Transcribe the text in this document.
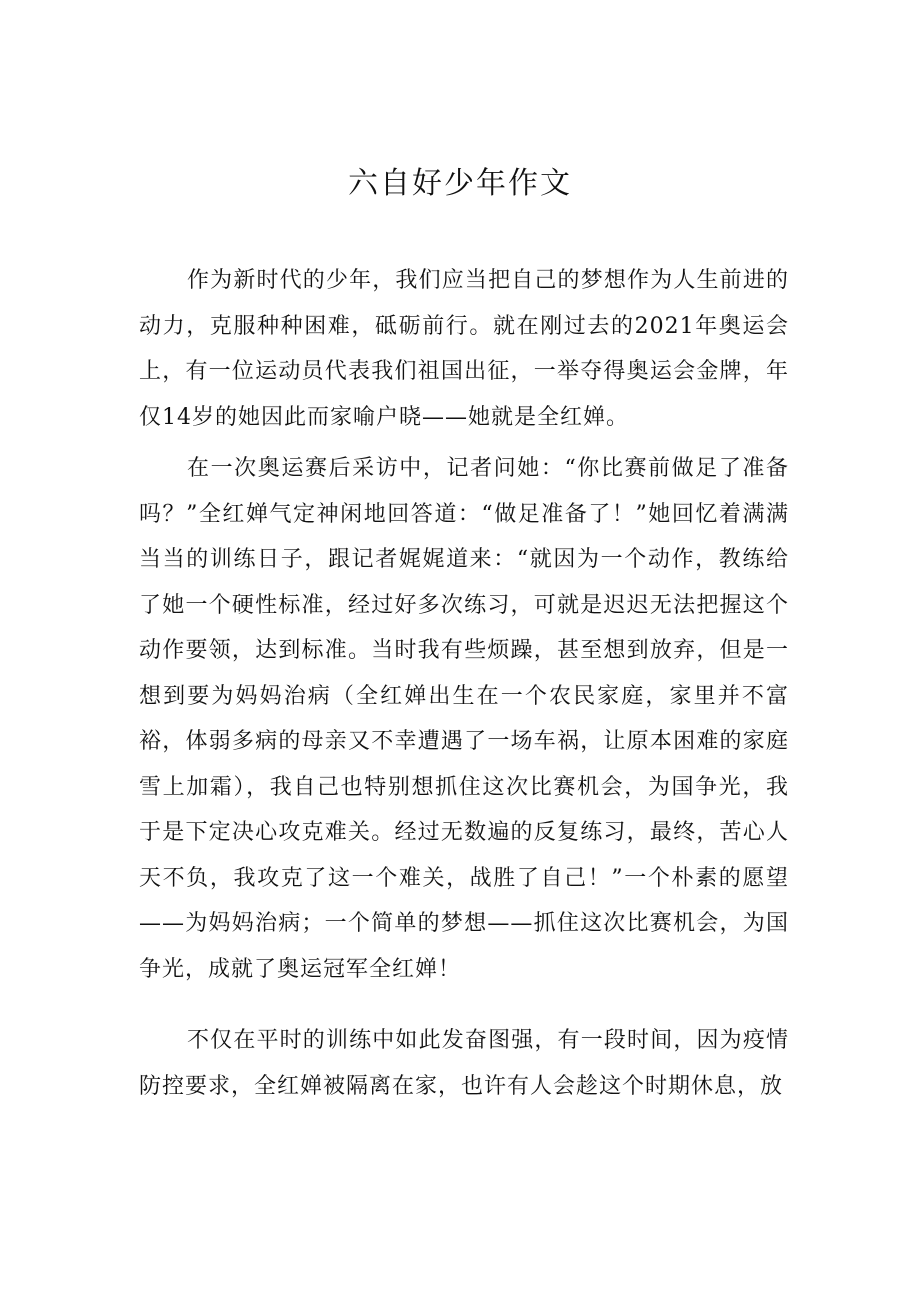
六自好少年作文

作为新时代的少年，我们应当把自己的梦想作为人生前进的动力，克服种种困难，砥砺前行。就在刚过去的2021年奥运会上，有一位运动员代表我们祖国出征，一举夺得奥运会金牌，年仅14岁的她因此而家喻户晓——她就是全红婵。

在一次奥运赛后采访中，记者问她：“你比赛前做足了准备吗？”全红婵气定神闲地回答道：“做足准备了！”她回忆着满满当当的训练日子，跟记者娓娓道来：“就因为一个动作，教练给了她一个硬性标准，经过好多次练习，可就是迟迟无法把握这个动作要领，达到标准。当时我有些烦躁，甚至想到放弃，但是一想到要为妈妈治病（全红婵出生在一个农民家庭，家里并不富裕，体弱多病的母亲又不幸遭遇了一场车祸，让原本困难的家庭雪上加霜），我自己也特别想抓住这次比赛机会，为国争光，我于是下定决心攻克难关。经过无数遍的反复练习，最终，苦心人天不负，我攻克了这一个难关，战胜了自己！”一个朴素的愿望——为妈妈治病；一个简单的梦想——抓住这次比赛机会，为国争光，成就了奥运冠军全红婵！

不仅在平时的训练中如此发奋图强，有一段时间，因为疫情防控要求，全红婵被隔离在家，也许有人会趁这个时期休息，放
